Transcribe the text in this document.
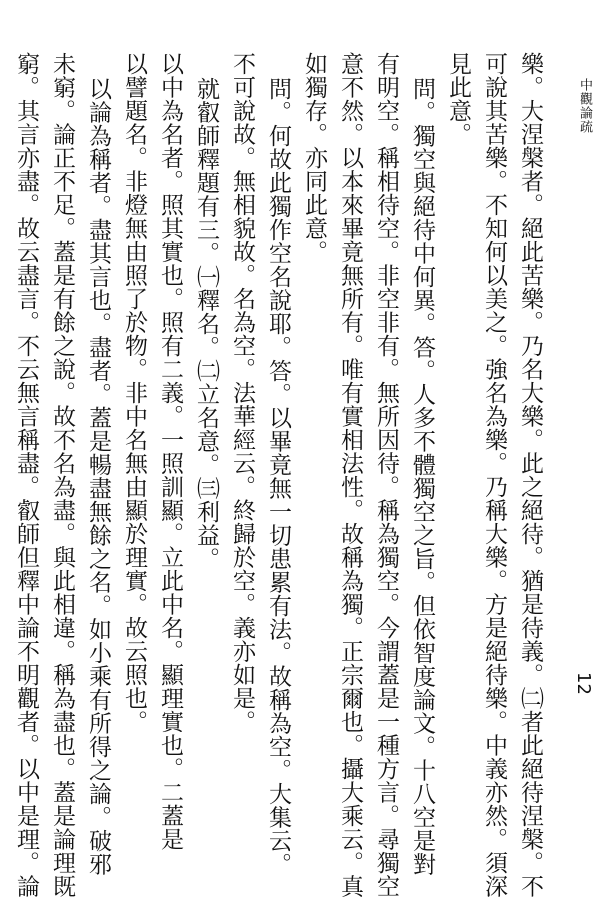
中觀論疏
樂。大涅槃者。絕此苦樂。乃名大樂。此之絕待。猶是待義。㈡者此絕待涅槃。不
可說其苦樂。不知何以美之。強名為樂。乃稱大樂。方是絕待樂。中義亦然。須深
見此意。
問。獨空與絕待中何異。答。人多不體獨空之旨。但依智度論文。十八空是對
有明空。稱相待空。非空非有。無所因待。稱為獨空。今謂蓋是一種方言。尋獨空
意不然。以本來畢竟無所有。唯有實相法性。故稱為獨。正宗爾也。攝大乘云。真
如獨存。亦同此意。
問。何故此獨作空名說耶。答。以畢竟無一切患累有法。故稱為空。大集云。
不可說故。無相貌故。名為空。法華經云。終歸於空。義亦如是。
就叡師釋題有三。㈠釋名。㈡立名意。㈢利益。
以中為名者。照其實也。照有二義。一照訓顯。立此中名。顯理實也。二蓋是
以譬題名。非燈無由照了於物。非中名無由顯於理實。故云照也。
以論為稱者。盡其言也。盡者。蓋是暢盡無餘之名。如小乘有所得之論。破邪
未窮。論正不足。蓋是有餘之說。故不名為盡。與此相違。稱為盡也。蓋是論理既
窮。其言亦盡。故云盡言。不云無言稱盡。叡師但釋中論不明觀者。以中是理。論	12
